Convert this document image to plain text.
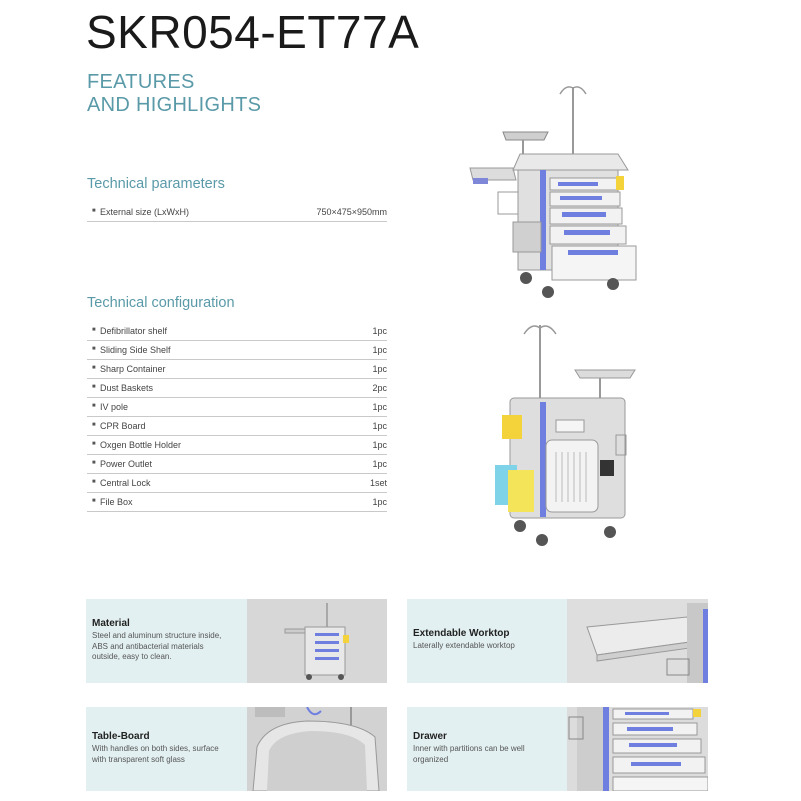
SKR054-ET77A
FEATURES
AND HIGHLIGHTS
Technical parameters
■ External size (LxWxH)	750×475×950mm
Technical configuration
■ Defibrillator shelf	1pc
■ Sliding Side Shelf	1pc
■ Sharp Container	1pc
■ Dust Baskets	2pc
■ IV pole	1pc
■ CPR Board	1pc
■ Oxgen Bottle Holder	1pc
■ Power Outlet	1pc
■ Central Lock	1set
■ File Box	1pc
Material
Steel and aluminum structure inside,
ABS and antibacterial materials
outside, easy to clean.
Extendable Worktop
Laterally extendable worktop
Table-Board
With handles on both sides, surface
with transparent soft glass
Drawer
Inner with partitions can be well
organized
